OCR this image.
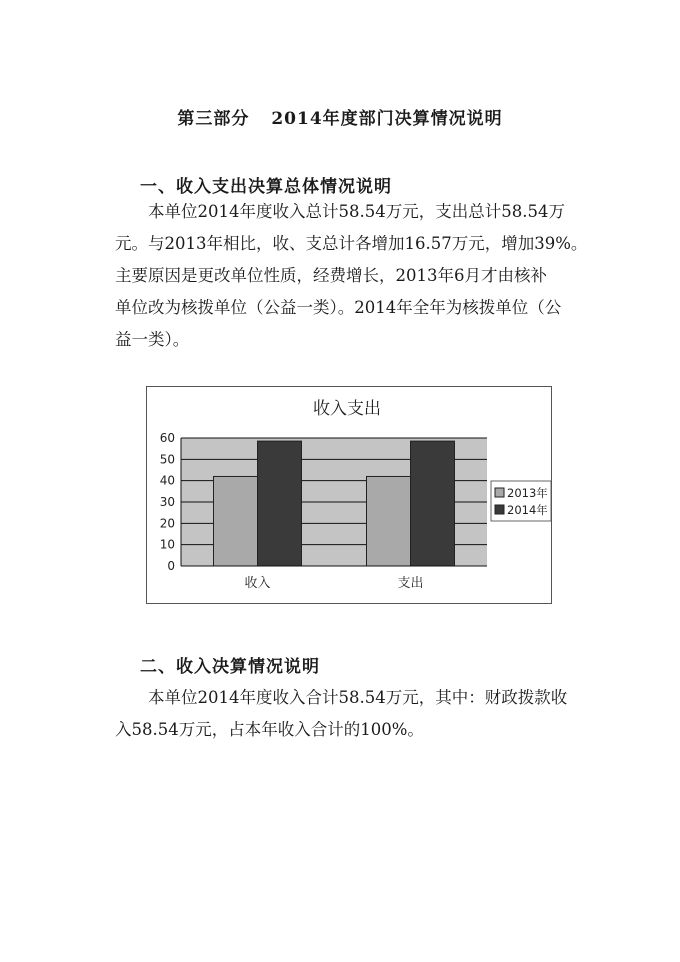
第三部分 2014年度部门决算情况说明
一、收入支出决算总体情况说明
本单位2014年度收入总计58.54万元，支出总计58.54万
元。与2013年相比，收、支总计各增加16.57万元，增加39%。
主要原因是更改单位性质，经费增长，2013年6月才由核补
单位改为核拨单位（公益一类）。2014年全年为核拨单位（公
益一类）。
收入支出
0
10
20
30
40
50
60
收入	支出
2013年
2014年
二、收入决算情况说明
本单位2014年度收入合计58.54万元，其中：财政拨款收
入58.54万元，占本年收入合计的100%。
